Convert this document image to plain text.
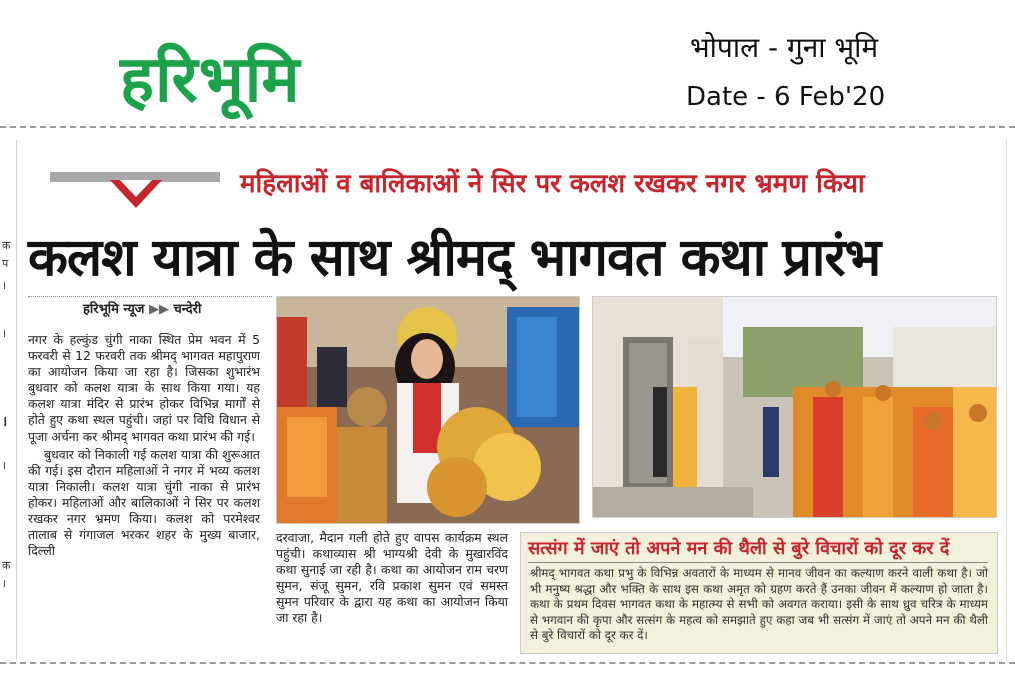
हरिभूमि	भोपाल - गुना भूमि
Date - 6 Feb'20
क
प
।
।
।
।
क
।
महिलाओं व बालिकाओं ने सिर पर कलश रखकर नगर भ्रमण किया
कलश यात्रा के साथ श्रीमद् भागवत कथा प्रारंभ
हरिभूमि न्यूज ▶▶ चन्देरी

नगर के हल्कुंड चुंगी नाका स्थित प्रेम भवन में 5 फरवरी से 12 फरवरी तक श्रीमद् भागवत महापुराण का आयोजन किया जा रहा है। जिसका शुभारंभ बुधवार को कलश यात्रा के साथ किया गया। यह कलश यात्रा मंदिर से प्रारंभ होकर विभिन्न मार्गों से होते हुए कथा स्थल पहुंची। जहां पर विधि विधान से पूजा अर्चना कर श्रीमद् भागवत कथा प्रारंभ की गई।

बुधवार को निकाली गई कलश यात्रा की शुरूआत की गई। इस दौरान महिलाओं ने नगर में भव्य कलश यात्रा निकाली। कलश यात्रा चुंगी नाका से प्रारंभ होकर। महिलाओं और बालिकाओं ने सिर पर कलश रखकर नगर भ्रमण किया। कलश को परमेश्वर तालाब से गंगाजल भरकर शहर के मुख्य बाजार, दिल्ली

दरवाजा, मैदान गली होते हुए वापस कार्यक्रम स्थल पहुंची। कथाव्यास श्री भाग्यश्री देवी के मुखारविंद कथा सुनाई जा रही है। कथा का आयोजन राम चरण सुमन, संजू सुमन, रवि प्रकाश सुमन एवं समस्त सुमन परिवार के द्वारा यह कथा का आयोजन किया जा रहा है।
सत्संग में जाएं तो अपने मन की थैली से बुरे विचारों को दूर कर दें
श्रीमद् भागवत कथा प्रभु के विभिन्न अवतारों के माध्यम से मानव जीवन का कल्याण करने वाली कथा है। जो भी मनुष्य श्रद्धा और भक्ति के साथ इस कथा अमृत को ग्रहण करते हैं उनका जीवन में कल्याण हो जाता है। कथा के प्रथम दिवस भागवत कथा के महात्म्य से सभी को अवगत कराया। इसी के साथ ध्रुव चरित्र के माध्यम से भगवान की कृपा और सत्संग के महत्व को समझाते हुए कहा जब भी सत्संग में जाएं तो अपने मन की थैली से बुरे विचारों को दूर कर दें।
